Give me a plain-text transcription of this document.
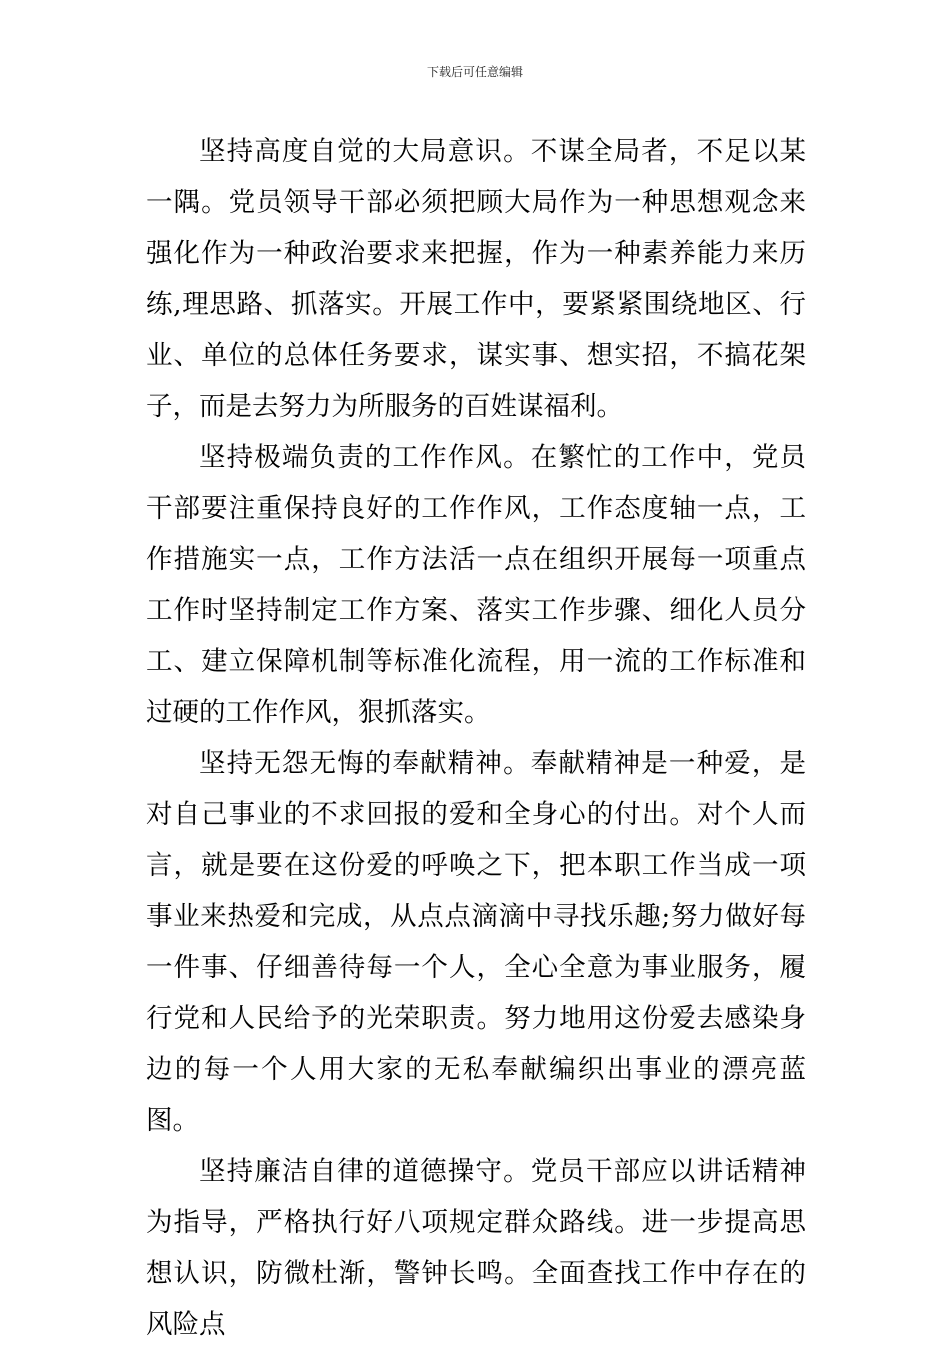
下载后可任意编辑

坚持高度自觉的大局意识。不谋全局者，不足以某一隅。党员领导干部必须把顾大局作为一种思想观念来强化作为一种政治要求来把握，作为一种素养能力来历练,理思路、抓落实。开展工作中，要紧紧围绕地区、行业、单位的总体任务要求，谋实事、想实招，不搞花架子，而是去努力为所服务的百姓谋福利。

坚持极端负责的工作作风。在繁忙的工作中，党员干部要注重保持良好的工作作风，工作态度轴一点，工作措施实一点，工作方法活一点在组织开展每一项重点工作时坚持制定工作方案、落实工作步骤、细化人员分工、建立保障机制等标准化流程，用一流的工作标准和过硬的工作作风，狠抓落实。

坚持无怨无悔的奉献精神。奉献精神是一种爱，是对自己事业的不求回报的爱和全身心的付出。对个人而言，就是要在这份爱的呼唤之下，把本职工作当成一项事业来热爱和完成，从点点滴滴中寻找乐趣;努力做好每一件事、仔细善待每一个人，全心全意为事业服务，履行党和人民给予的光荣职责。努力地用这份爱去感染身边的每一个人用大家的无私奉献编织出事业的漂亮蓝图。

坚持廉洁自律的道德操守。党员干部应以讲话精神为指导，严格执行好八项规定群众路线。进一步提高思想认识，防微杜渐，警钟长鸣。全面查找工作中存在的风险点
